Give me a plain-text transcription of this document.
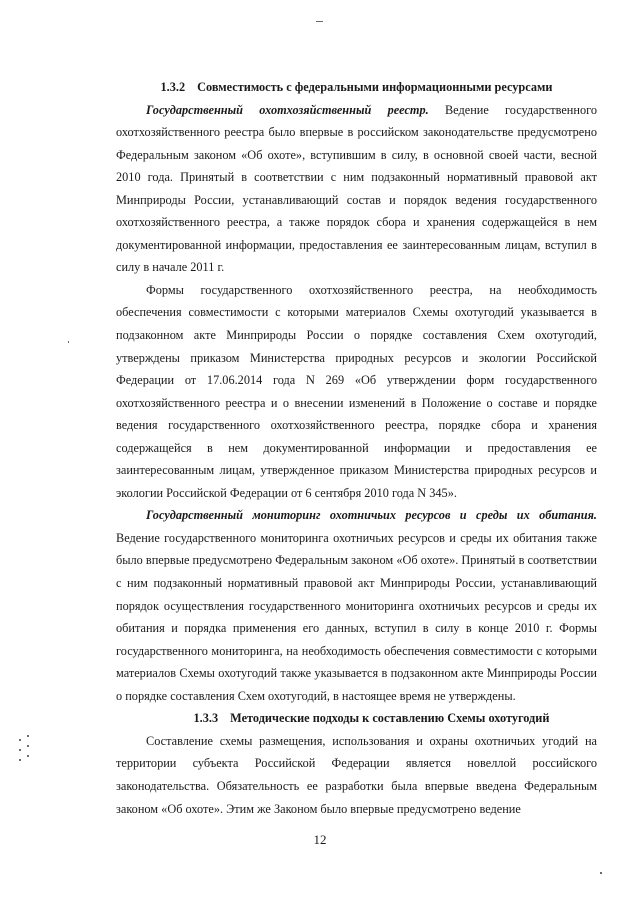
1.3.2 Совместимость с федеральными информационными ресурсами

Государственный охотхозяйственный реестр. Ведение государственного охотхозяйственного реестра было впервые в российском законодательстве предусмотрено Федеральным законом «Об охоте», вступившим в силу, в основной своей части, весной 2010 года. Принятый в соответствии с ним подзаконный нормативный правовой акт Минприроды России, устанавливающий состав и порядок ведения государственного охотхозяйственного реестра, а также порядок сбора и хранения содержащейся в нем документированной информации, предоставления ее заинтересованным лицам, вступил в силу в начале 2011 г.

Формы государственного охотхозяйственного реестра, на необходимость обеспечения совместимости с которыми материалов Схемы охотугодий указывается в подзаконном акте Минприроды России о порядке составления Схем охотугодий, утверждены приказом Министерства природных ресурсов и экологии Российской Федерации от 17.06.2014 года N 269 «Об утверждении форм государственного охотхозяйственного реестра и о внесении изменений в Положение о составе и порядке ведения государственного охотхозяйственного реестра, порядке сбора и хранения содержащейся в нем документированной информации и предоставления ее заинтересованным лицам, утвержденное приказом Министерства природных ресурсов и экологии Российской Федерации от 6 сентября 2010 года N 345».

Государственный мониторинг охотничьих ресурсов и среды их обитания. Ведение государственного мониторинга охотничьих ресурсов и среды их обитания также было впервые предусмотрено Федеральным законом «Об охоте». Принятый в соответствии с ним подзаконный нормативный правовой акт Минприроды России, устанавливающий порядок осуществления государственного мониторинга охотничьих ресурсов и среды их обитания и порядка применения его данных, вступил в силу в конце 2010 г. Формы государственного мониторинга, на необходимость обеспечения совместимости с которыми материалов Схемы охотугодий также указывается в подзаконном акте Минприроды России о порядке составления Схем охотугодий, в настоящее время не утверждены.

1.3.3 Методические подходы к составлению Схемы охотугодий

Составление схемы размещения, использования и охраны охотничьих угодий на территории субъекта Российской Федерации является новеллой российского законодательства. Обязательность ее разработки была впервые введена Федеральным законом «Об охоте». Этим же Законом было впервые предусмотрено ведение

12
